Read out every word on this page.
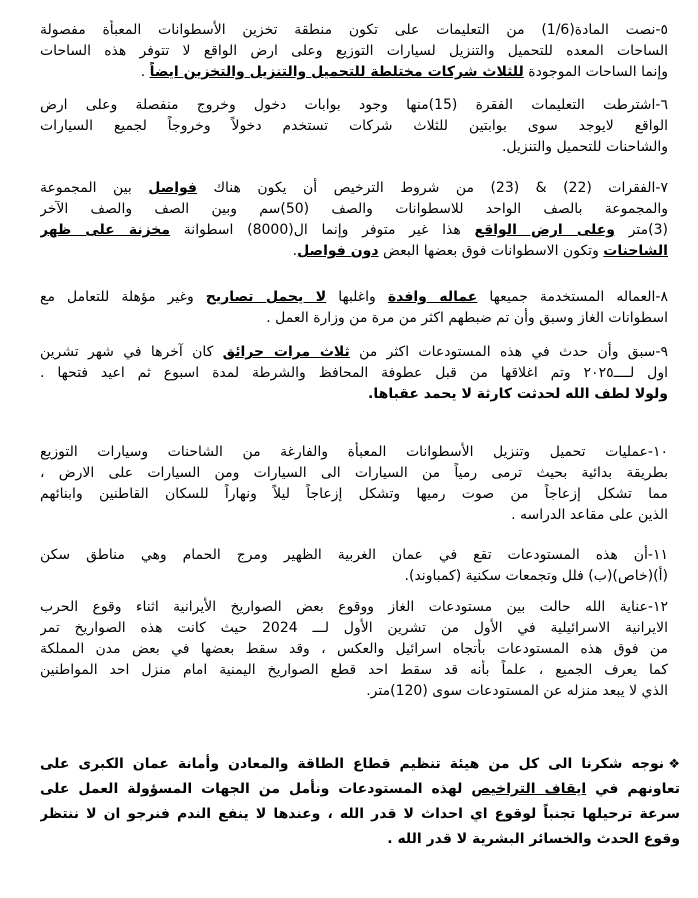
٥-نصت المادة(1/6) من التعليمات على تكون منطقة تخزين الأسطوانات المعبأة مفصولة
الساحات المعده للتحميل والتنزيل لسيارات التوزيع وعلى ارض الواقع لا تتوفر هذه الساحات
وإنما الساحات الموجودة للثلاث شركات مختلطة للتحميل والتنزيل والتخزين ايضاً .
٦-اشترطت التعليمات الفقرة (15)منها وجود بوابات دخول وخروج منفصلة وعلى ارض
الواقع لايوجد سوى بوابتين للثلاث شركات تستخدم دخولاً وخروجاً لجميع السيارات
والشاحنات للتحميل والتنزيل.
٧-الفقرات (22) & (23) من شروط الترخيص أن يكون هناك فواصل بين المجموعة
والمجموعة بالصف الواحد للاسطوانات والصف (50)سم وبين الصف والصف الآخر
(3)متر وعلى ارض الواقع هذا غير متوفر وإنما ال(8000) اسطوانة مخزنة على ظهر
الشاحنات وتكون الاسطوانات فوق بعضها البعض دون فواصل.
٨-العماله المستخدمة جميعها عماله وافدة واغلبها لا يحمل تصاريح وغير مؤهلة للتعامل مع
اسطوانات الغاز وسبق وأن تم ضبطهم اكثر من مرة من وزارة العمل .
٩-سبق وأن حدث في هذه المستودعات اكثر من ثلاث مرات حرائق كان آخرها في شهر تشرين
اول لــــ٢٠٢٥ وتم اغلاقها من قبل عطوفة المحافظ والشرطة لمدة اسبوع ثم اعيد فتحها .
ولولا لطف الله لحدثت كارثة لا يحمد عقباها.
١٠-عمليات تحميل وتنزيل الأسطوانات المعبأة والفارغة من الشاحنات وسيارات التوزيع
بطريقة بدائية بحيث ترمى رمياً من السيارات الى السيارات ومن السيارات على الارض ،
مما تشكل إزعاجاً من صوت رميها وتشكل إزعاجاً ليلاً ونهاراً للسكان القاطنين وابنائهم
الذين على مقاعد الدراسه .
١١-أن هذه المستودعات تقع في عمان الغربية الظهير ومرج الحمام وهي مناطق سكن
(أ)(خاص)(ب) فلل وتجمعات سكنية (كمباوند).
١٢-عناية الله حالت بين مستودعات الغاز ووقوع بعض الصواريخ الأيرانية اثناء وقوع الحرب
الايرانية الاسرائيلية في الأول من تشرين الأول لـــ 2024 حيث كانت هذه الصواريخ تمر
من فوق هذه المستودعات بأتجاه اسرائيل والعكس ، وقد سقط بعضها في بعض مدن المملكة
كما يعرف الجميع ، علماً بأنه قد سقط احد قطع الصواريخ اليمنية امام منزل احد المواطنين
الذي لا يبعد منزله عن المستودعات سوى (120)متر.
❖نوجه شكرنا الى كل من هيئة تنظيم قطاع الطاقة والمعادن وأمانة عمان الكبرى على
تعاونهم في ايقاف التراخيص لهذه المستودعات ونأمل من الجهات المسؤولة العمل على
سرعة ترحيلها تجنباً لوقوع اي احداث لا قدر الله ، وعندها لا ينفع الندم فنرجو ان لا ننتظر
وقوع الحدث والخسائر البشرية لا قدر الله .
